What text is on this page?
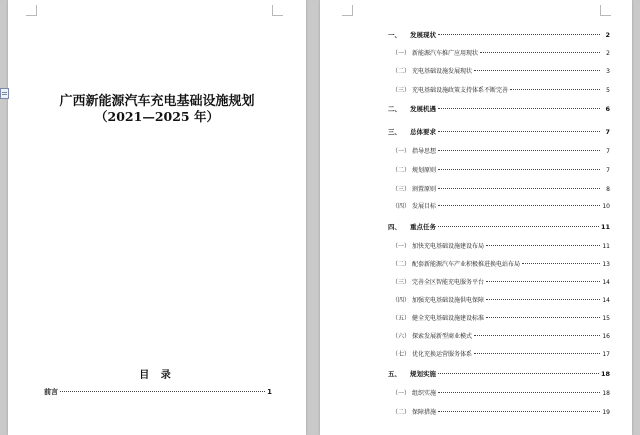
广西新能源汽车充电基础设施规划
（2021—2025 年）
目 录
前言	1
一、	发展现状	2
（一） 新能源汽车推广应用现状	2
（二） 充电基础设施发展现状	3
（三） 充电基础设施政策支持体系不断完善	5
二、	发展机遇	6
三、	总体要求	7
（一） 指导思想	7
（二） 规划原则	7
（三） 割置原则	8
（四） 发展目标	10
四、	重点任务	11
（一） 加快充电基础设施建设布局	11
（二） 配套新能源汽车产业积极推进换电站布局	13
（三） 完善全区智能充电服务平台	14
（四） 加强充电基础设施供电保障	14
（五） 健全充电基础设施建设标准	15
（六） 探索发展新型商业模式	16
（七） 优化充换运营服务体系	17
五、	规划实施	18
（一） 组织实施	18
（二） 保障措施	19
